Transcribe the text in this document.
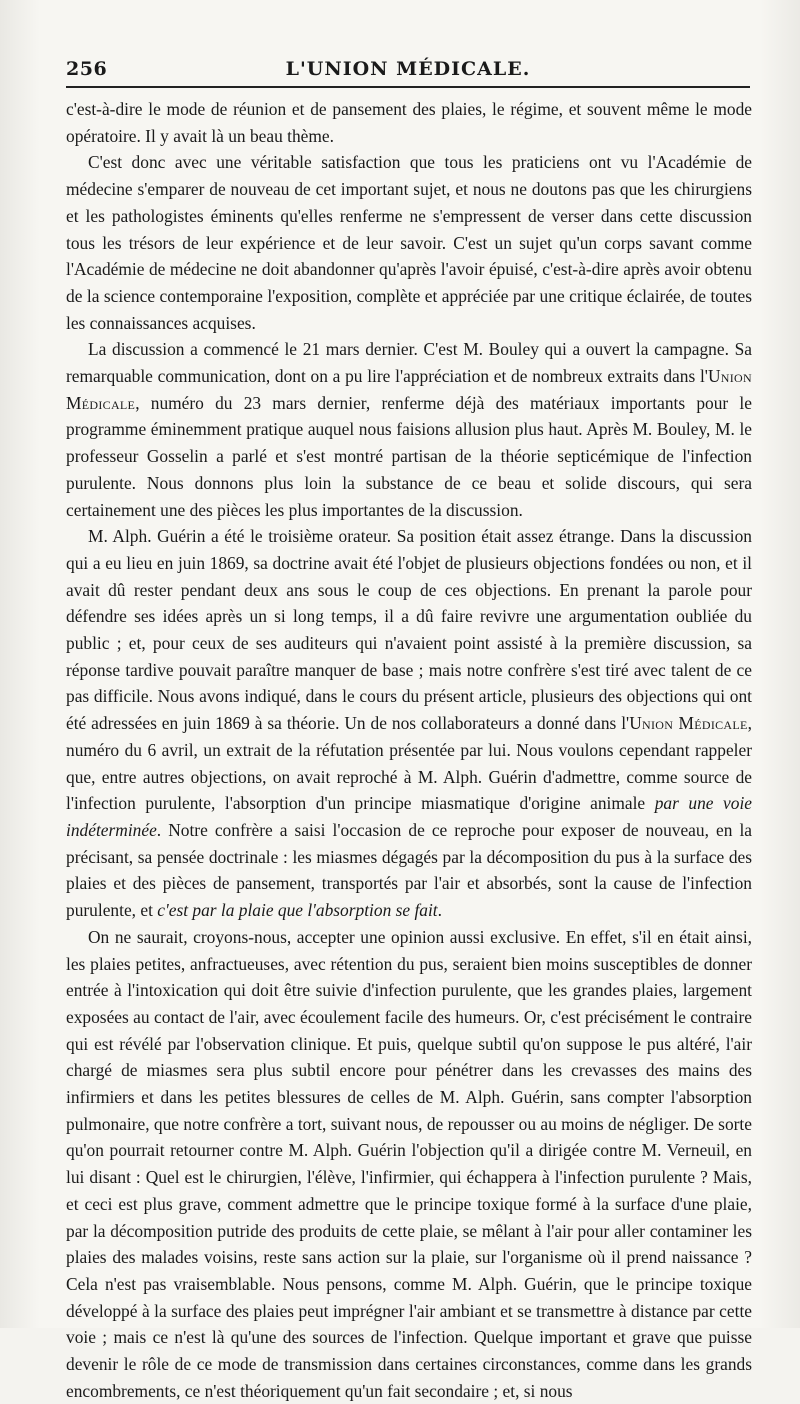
256	L'UNION MÉDICALE.

c'est-à-dire le mode de réunion et de pansement des plaies, le régime, et souvent même le mode opératoire. Il y avait là un beau thème.

C'est donc avec une véritable satisfaction que tous les praticiens ont vu l'Académie de médecine s'emparer de nouveau de cet important sujet, et nous ne doutons pas que les chirurgiens et les pathologistes éminents qu'elles renferme ne s'empressent de verser dans cette discussion tous les trésors de leur expérience et de leur savoir. C'est un sujet qu'un corps savant comme l'Académie de médecine ne doit abandonner qu'après l'avoir épuisé, c'est-à-dire après avoir obtenu de la science contemporaine l'exposition, complète et appréciée par une critique éclairée, de toutes les connaissances acquises.

La discussion a commencé le 21 mars dernier. C'est M. Bouley qui a ouvert la campagne. Sa remarquable communication, dont on a pu lire l'appréciation et de nombreux extraits dans l'Union Médicale, numéro du 23 mars dernier, renferme déjà des matériaux importants pour le programme éminemment pratique auquel nous faisions allusion plus haut. Après M. Bouley, M. le professeur Gosselin a parlé et s'est montré partisan de la théorie septicémique de l'infection purulente. Nous donnons plus loin la substance de ce beau et solide discours, qui sera certainement une des pièces les plus importantes de la discussion.

M. Alph. Guérin a été le troisième orateur. Sa position était assez étrange. Dans la discussion qui a eu lieu en juin 1869, sa doctrine avait été l'objet de plusieurs objections fondées ou non, et il avait dû rester pendant deux ans sous le coup de ces objections. En prenant la parole pour défendre ses idées après un si long temps, il a dû faire revivre une argumentation oubliée du public ; et, pour ceux de ses auditeurs qui n'avaient point assisté à la première discussion, sa réponse tardive pouvait paraître manquer de base ; mais notre confrère s'est tiré avec talent de ce pas difficile. Nous avons indiqué, dans le cours du présent article, plusieurs des objections qui ont été adressées en juin 1869 à sa théorie. Un de nos collaborateurs a donné dans l'Union Médicale, numéro du 6 avril, un extrait de la réfutation présentée par lui. Nous voulons cependant rappeler que, entre autres objections, on avait reproché à M. Alph. Guérin d'admettre, comme source de l'infection purulente, l'absorption d'un principe miasmatique d'origine animale par une voie indéterminée. Notre confrère a saisi l'occasion de ce reproche pour exposer de nouveau, en la précisant, sa pensée doctrinale : les miasmes dégagés par la décomposition du pus à la surface des plaies et des pièces de pansement, transportés par l'air et absorbés, sont la cause de l'infection purulente, et c'est par la plaie que l'absorption se fait.

On ne saurait, croyons-nous, accepter une opinion aussi exclusive. En effet, s'il en était ainsi, les plaies petites, anfractueuses, avec rétention du pus, seraient bien moins susceptibles de donner entrée à l'intoxication qui doit être suivie d'infection purulente, que les grandes plaies, largement exposées au contact de l'air, avec écoulement facile des humeurs. Or, c'est précisément le contraire qui est révélé par l'observation clinique. Et puis, quelque subtil qu'on suppose le pus altéré, l'air chargé de miasmes sera plus subtil encore pour pénétrer dans les crevasses des mains des infirmiers et dans les petites blessures de celles de M. Alph. Guérin, sans compter l'absorption pulmonaire, que notre confrère a tort, suivant nous, de repousser ou au moins de négliger. De sorte qu'on pourrait retourner contre M. Alph. Guérin l'objection qu'il a dirigée contre M. Verneuil, en lui disant : Quel est le chirurgien, l'élève, l'infirmier, qui échappera à l'infection purulente ? Mais, et ceci est plus grave, comment admettre que le principe toxique formé à la surface d'une plaie, par la décomposition putride des produits de cette plaie, se mêlant à l'air pour aller contaminer les plaies des malades voisins, reste sans action sur la plaie, sur l'organisme où il prend naissance ? Cela n'est pas vraisemblable. Nous pensons, comme M. Alph. Guérin, que le principe toxique développé à la surface des plaies peut imprégner l'air ambiant et se transmettre à distance par cette voie ; mais ce n'est là qu'une des sources de l'infection. Quelque important et grave que puisse devenir le rôle de ce mode de transmission dans certaines circonstances, comme dans les grands encombrements, ce n'est théoriquement qu'un fait secondaire ; et, si nous
